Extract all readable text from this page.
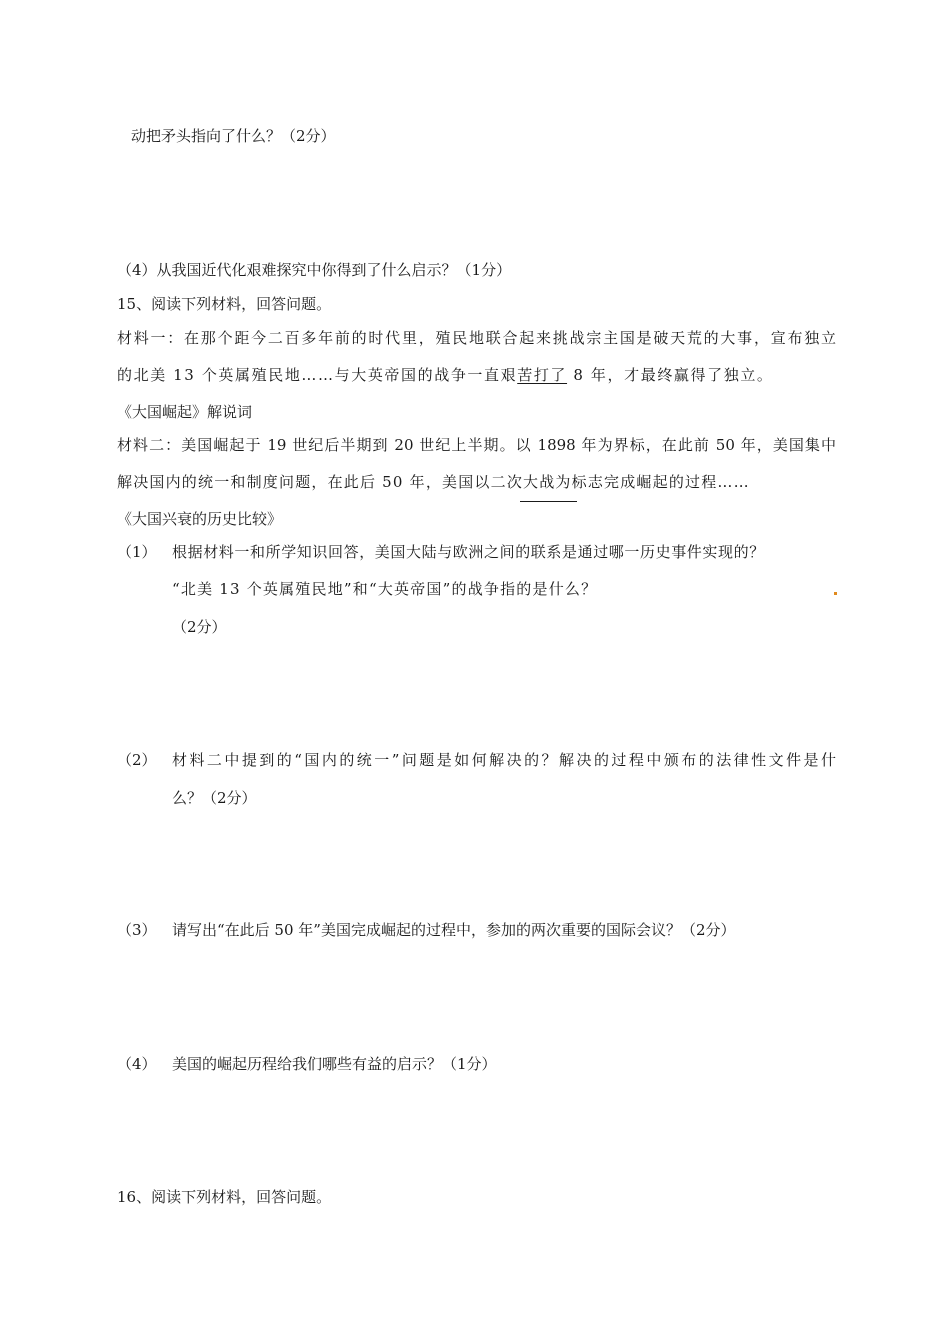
动把矛头指向了什么？（2分）
（4）从我国近代化艰难探究中你得到了什么启示？（1分）
15、阅读下列材料，回答问题。
材料一：在那个距今二百多年前的时代里，殖民地联合起来挑战宗主国是破天荒的大事，宣布独立
的北美 13 个英属殖民地……与大英帝国的战争一直艰苦打了 8 年，才最终赢得了独立。
《大国崛起》解说词
材料二：美国崛起于 19 世纪后半期到 20 世纪上半期。以 1898 年为界标，在此前 50 年，美国集中
解决国内的统一和制度问题，在此后 50 年，美国以二次大战为标志完成崛起的过程……
《大国兴衰的历史比较》
（1） 根据材料一和所学知识回答，美国大陆与欧洲之间的联系是通过哪一历史事件实现的？
“北美 13 个英属殖民地”和“大英帝国”的战争指的是什么？
（2分）
（2） 材料二中提到的“国内的统一”问题是如何解决的？解决的过程中颁布的法律性文件是什
么？（2分）
（3） 请写出“在此后 50 年”美国完成崛起的过程中，参加的两次重要的国际会议？（2分）
（4） 美国的崛起历程给我们哪些有益的启示？（1分）
16、阅读下列材料，回答问题。
